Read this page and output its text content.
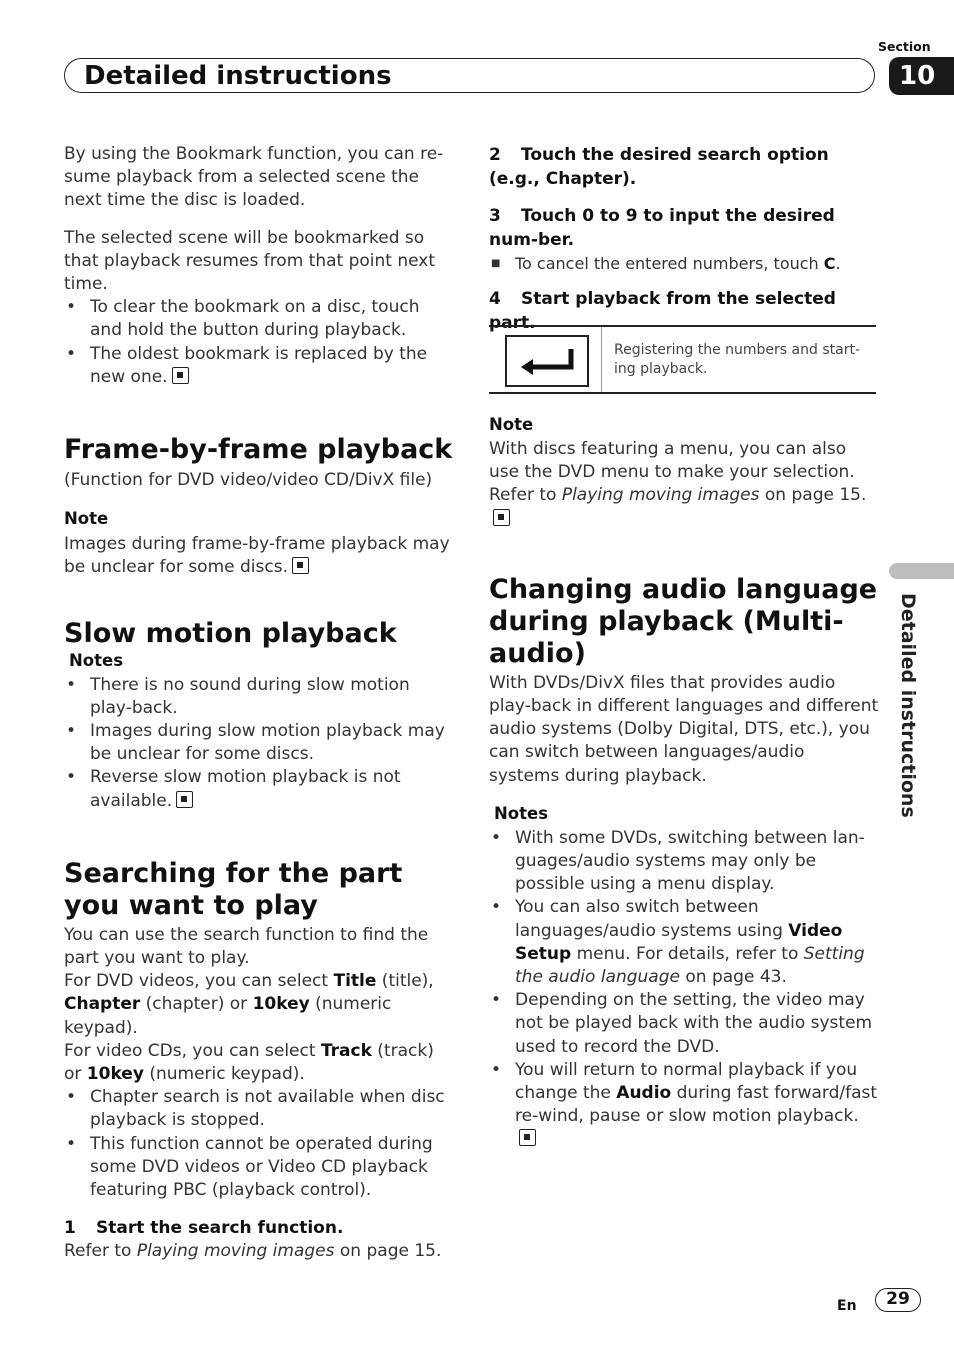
Detailed instructions
Section
10
Detailed instructions

By using the Bookmark function, you can re-sume playback from a selected scene the next time the disc is loaded.

The selected scene will be bookmarked so that playback resumes from that point next time.

• To clear the bookmark on a disc, touch and hold the button during playback.
• The oldest bookmark is replaced by the new one.
Frame-by-frame playback

(Function for DVD video/video CD/DivX file)

Note

Images during frame-by-frame playback may be unclear for some discs.

Slow motion playback
Notes
• There is no sound during slow motion play-back.
• Images during slow motion playback may be unclear for some discs.
• Reverse slow motion playback is not available.
Searching for the part you want to play

You can use the search function to find the part you want to play.

For DVD videos, you can select Title (title), Chapter (chapter) or 10key (numeric keypad).

For video CDs, you can select Track (track) or 10key (numeric keypad).

• Chapter search is not available when disc playback is stopped.
• This function cannot be operated during some DVD videos or Video CD playback featuring PBC (playback control).

1 Start the search function.

Refer to Playing moving images on page 15.

2 Touch the desired search option (e.g., Chapter).

3 Touch 0 to 9 to input the desired num-ber.

■ To cancel the entered numbers, touch C.

4 Start playback from the selected part.

Registering the numbers and start-ing playback.
Note

With discs featuring a menu, you can also use the DVD menu to make your selection.

Refer to Playing moving images on page 15.

Changing audio language during playback (Multi-audio)

With DVDs/DivX files that provides audio play-back in different languages and different audio systems (Dolby Digital, DTS, etc.), you can switch between languages/audio systems during playback.

Notes
• With some DVDs, switching between lan-guages/audio systems may only be possible using a menu display.
• You can also switch between languages/audio systems using Video Setup menu. For details, refer to Setting the audio language on page 43.
• Depending on the setting, the video may not be played back with the audio system used to record the DVD.
• You will return to normal playback if you change the Audio during fast forward/fast re-wind, pause or slow motion playback.
En	29
